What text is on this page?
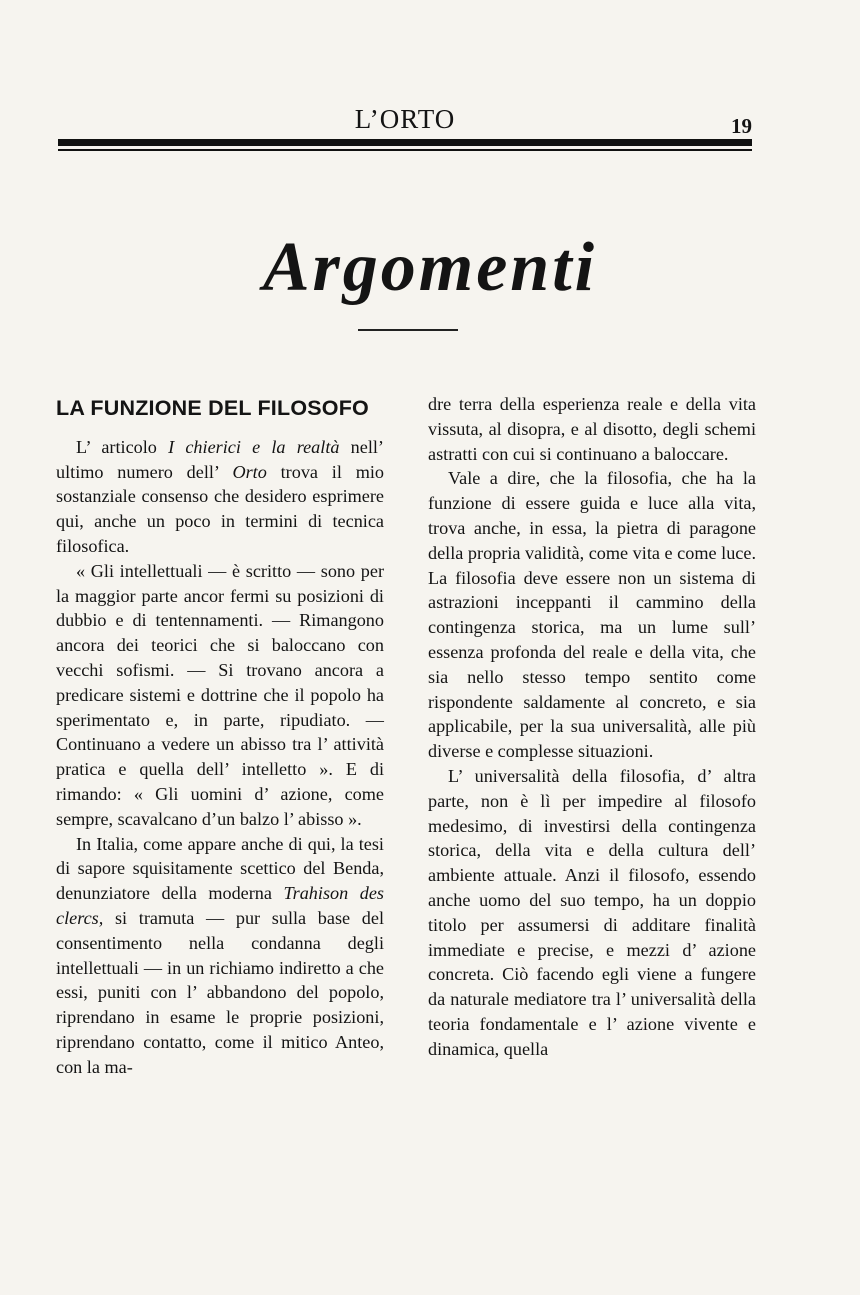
L’ORTO	19
Argomenti
LA FUNZIONE DEL FILOSOFO

L’ articolo I chierici e la realtà nell’ ultimo numero dell’ Orto trova il mio sostanziale consenso che desidero esprimere qui, anche un poco in termini di tecnica filosofica.

« Gli intellettuali — è scritto — sono per la maggior parte ancor fermi su posizioni di dubbio e di tentennamenti. — Rimangono ancora dei teorici che si baloccano con vecchi sofismi. — Si trovano ancora a predicare sistemi e dottrine che il popolo ha sperimentato e, in parte, ripudiato. — Continuano a vedere un abisso tra l’ attività pratica e quella dell’ intelletto ». E di rimando: « Gli uomini d’ azione, come sempre, scavalcano d’un balzo l’ abisso ».

In Italia, come appare anche di qui, la tesi di sapore squisitamente scettico del Benda, denunziatore della moderna Trahison des clercs, si tramuta — pur sulla base del consentimento nella condanna degli intellettuali — in un richiamo indiretto a che essi, puniti con l’ abbandono del popolo, riprendano in esame le proprie posizioni, riprendano contatto, come il mitico Anteo, con la ma-

dre terra della esperienza reale e della vita vissuta, al disopra, e al disotto, degli schemi astratti con cui si continuano a baloccare.

Vale a dire, che la filosofia, che ha la funzione di essere guida e luce alla vita, trova anche, in essa, la pietra di paragone della propria validità, come vita e come luce. La filosofia deve essere non un sistema di astrazioni inceppanti il cammino della contingenza storica, ma un lume sull’ essenza profonda del reale e della vita, che sia nello stesso tempo sentito come rispondente saldamente al concreto, e sia applicabile, per la sua universalità, alle più diverse e complesse situazioni.

L’ universalità della filosofia, d’ altra parte, non è lì per impedire al filosofo medesimo, di investirsi della contingenza storica, della vita e della cultura dell’ ambiente attuale. Anzi il filosofo, essendo anche uomo del suo tempo, ha un doppio titolo per assumersi di additare finalità immediate e precise, e mezzi d’ azione concreta. Ciò facendo egli viene a fungere da naturale mediatore tra l’ universalità della teoria fondamentale e l’ azione vivente e dinamica, quella
